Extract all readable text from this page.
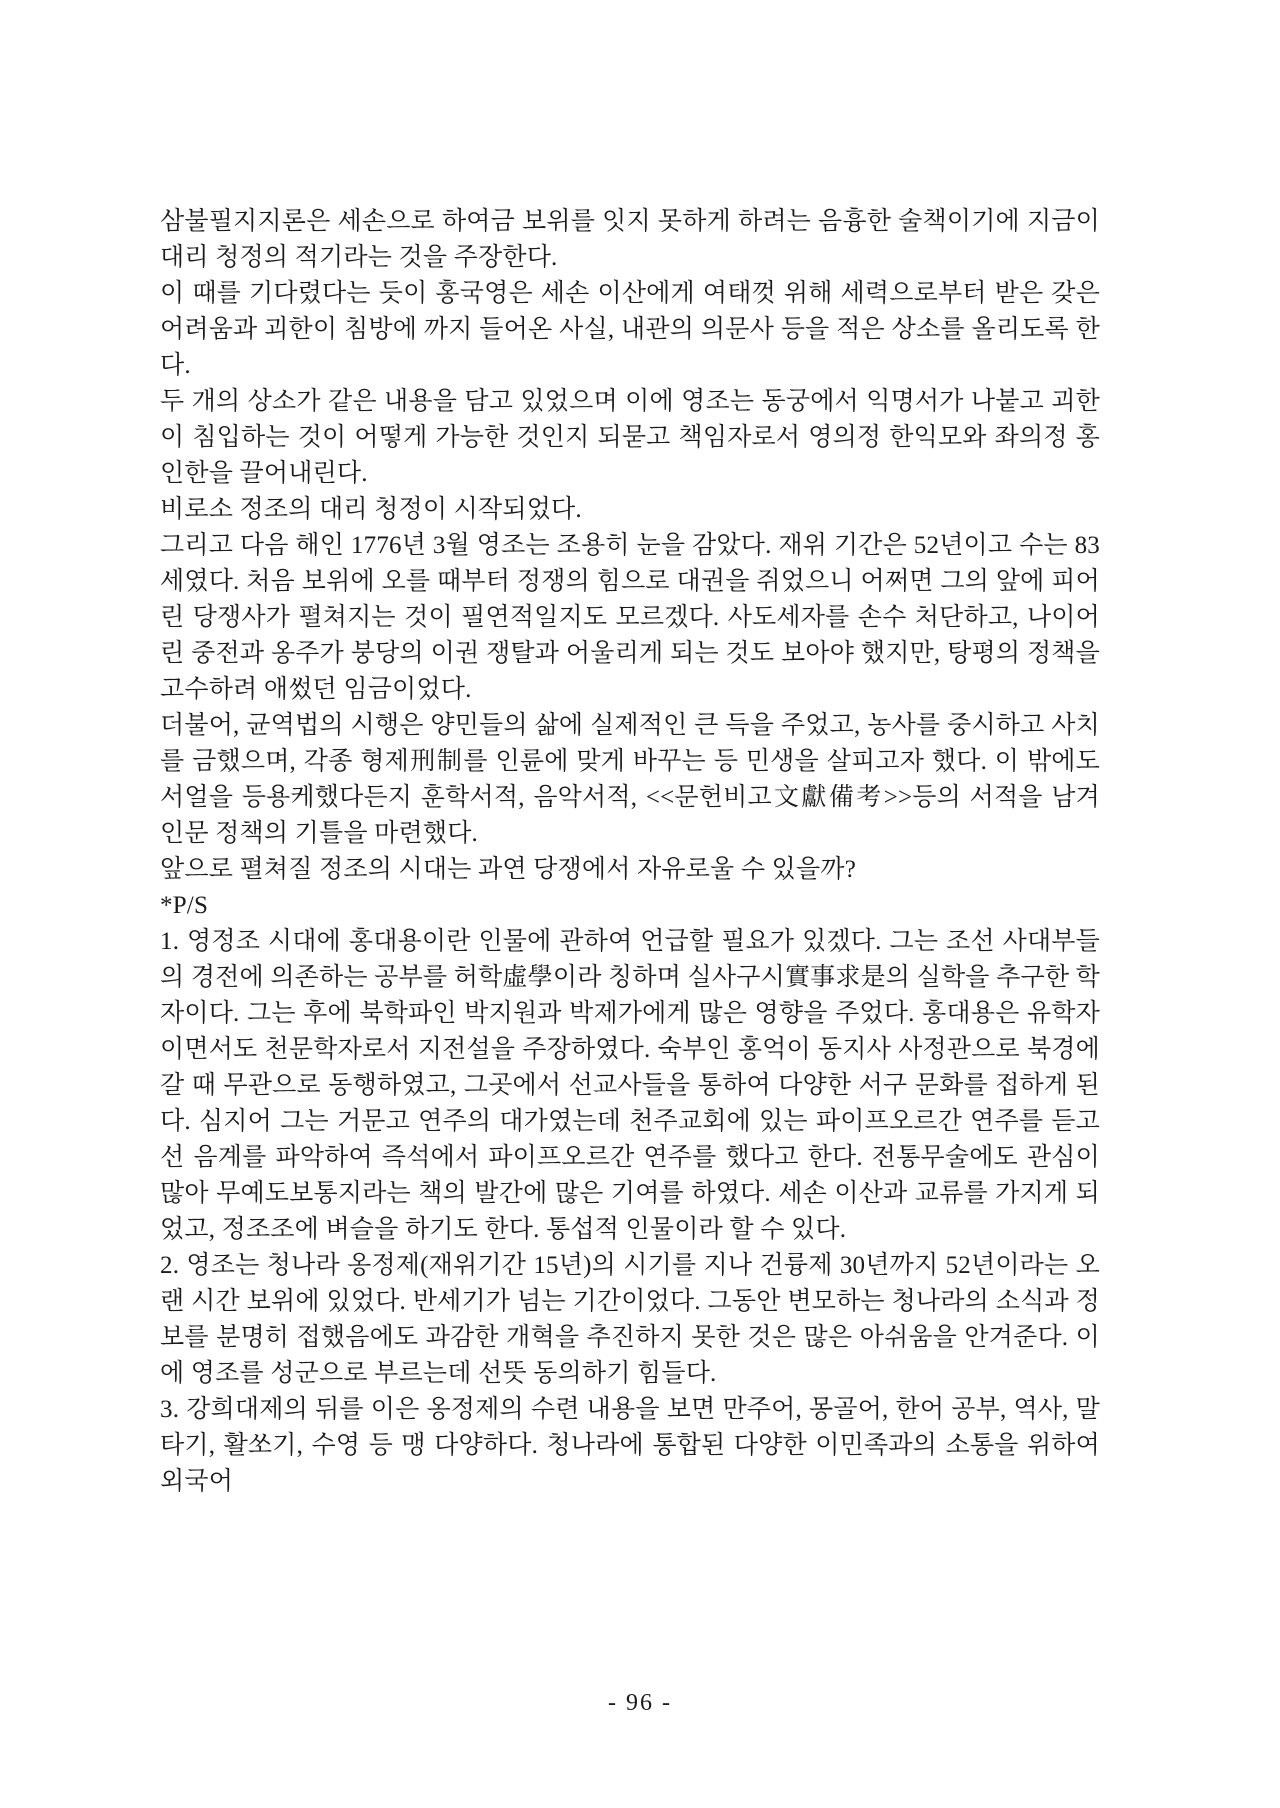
삼불필지지론은 세손으로 하여금 보위를 잇지 못하게 하려는 음흉한 술책이기에 지금이 대리 청정의 적기라는 것을 주장한다.

이 때를 기다렸다는 듯이 홍국영은 세손 이산에게 여태껏 위해 세력으로부터 받은 갖은 어려움과 괴한이 침방에 까지 들어온 사실, 내관의 의문사 등을 적은 상소를 올리도록 한다.

두 개의 상소가 같은 내용을 담고 있었으며 이에 영조는 동궁에서 익명서가 나붙고 괴한이 침입하는 것이 어떻게 가능한 것인지 되묻고 책임자로서 영의정 한익모와 좌의정 홍인한을 끌어내린다.

비로소 정조의 대리 청정이 시작되었다.

그리고 다음 해인 1776년 3월 영조는 조용히 눈을 감았다. 재위 기간은 52년이고 수는 83세였다. 처음 보위에 오를 때부터 정쟁의 힘으로 대권을 쥐었으니 어쩌면 그의 앞에 피어린 당쟁사가 펼쳐지는 것이 필연적일지도 모르겠다. 사도세자를 손수 처단하고, 나이어린 중전과 옹주가 붕당의 이권 쟁탈과 어울리게 되는 것도 보아야 했지만, 탕평의 정책을 고수하려 애썼던 임금이었다.

더불어, 균역법의 시행은 양민들의 삶에 실제적인 큰 득을 주었고, 농사를 중시하고 사치를 금했으며, 각종 형제刑制를 인륜에 맞게 바꾸는 등 민생을 살피고자 했다. 이 밖에도 서얼을 등용케했다든지 훈학서적, 음악서적, <<문헌비고文獻備考>>등의 서적을 남겨 인문 정책의 기틀을 마련했다.

앞으로 펼쳐질 정조의 시대는 과연 당쟁에서 자유로울 수 있을까?

*P/S

1. 영정조 시대에 홍대용이란 인물에 관하여 언급할 필요가 있겠다. 그는 조선 사대부들의 경전에 의존하는 공부를 허학虛學이라 칭하며 실사구시實事求是의 실학을 추구한 학자이다. 그는 후에 북학파인 박지원과 박제가에게 많은 영향을 주었다. 홍대용은 유학자이면서도 천문학자로서 지전설을 주장하였다. 숙부인 홍억이 동지사 사정관으로 북경에 갈 때 무관으로 동행하였고, 그곳에서 선교사들을 통하여 다양한 서구 문화를 접하게 된다. 심지어 그는 거문고 연주의 대가였는데 천주교회에 있는 파이프오르간 연주를 듣고선 음계를 파악하여 즉석에서 파이프오르간 연주를 했다고 한다. 전통무술에도 관심이 많아 무예도보통지라는 책의 발간에 많은 기여를 하였다. 세손 이산과 교류를 가지게 되었고, 정조조에 벼슬을 하기도 한다. 통섭적 인물이라 할 수 있다.

2. 영조는 청나라 옹정제(재위기간 15년)의 시기를 지나 건륭제 30년까지 52년이라는 오랜 시간 보위에 있었다. 반세기가 넘는 기간이었다. 그동안 변모하는 청나라의 소식과 정보를 분명히 접했음에도 과감한 개혁을 추진하지 못한 것은 많은 아쉬움을 안겨준다. 이에 영조를 성군으로 부르는데 선뜻 동의하기 힘들다.

3. 강희대제의 뒤를 이은 옹정제의 수련 내용을 보면 만주어, 몽골어, 한어 공부, 역사, 말타기, 활쏘기, 수영 등 맹 다양하다. 청나라에 통합된 다양한 이민족과의 소통을 위하여 외국어

- 96 -
